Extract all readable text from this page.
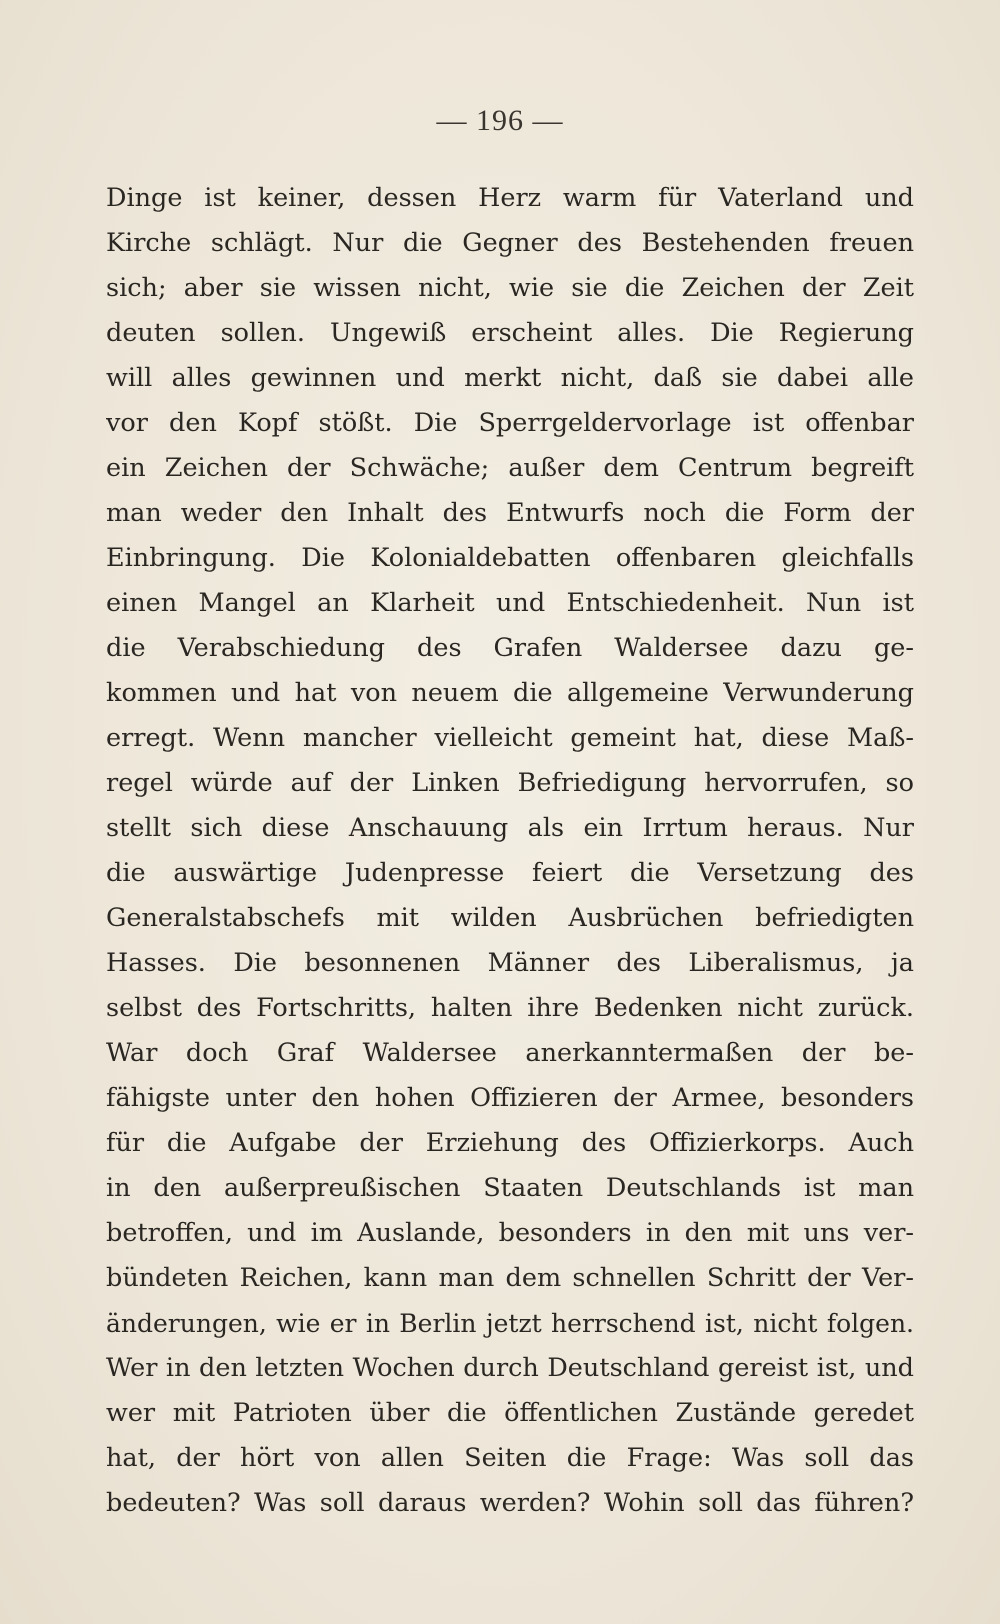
— 196 —
Dinge ist keiner, dessen Herz warm für Vaterland und
Kirche schlägt. Nur die Gegner des Bestehenden freuen
sich; aber sie wissen nicht, wie sie die Zeichen der Zeit
deuten sollen. Ungewiß erscheint alles. Die Regierung
will alles gewinnen und merkt nicht, daß sie dabei alle
vor den Kopf stößt. Die Sperrgeldervorlage ist offenbar
ein Zeichen der Schwäche; außer dem Centrum begreift
man weder den Inhalt des Entwurfs noch die Form der
Einbringung. Die Kolonialdebatten offenbaren gleichfalls
einen Mangel an Klarheit und Entschiedenheit. Nun ist
die Verabschiedung des Grafen Waldersee dazu ge-
kommen und hat von neuem die allgemeine Verwunderung
erregt. Wenn mancher vielleicht gemeint hat, diese Maß-
regel würde auf der Linken Befriedigung hervorrufen, so
stellt sich diese Anschauung als ein Irrtum heraus. Nur
die auswärtige Judenpresse feiert die Versetzung des
Generalstabschefs mit wilden Ausbrüchen befriedigten
Hasses. Die besonnenen Männer des Liberalismus, ja
selbst des Fortschritts, halten ihre Bedenken nicht zurück.
War doch Graf Waldersee anerkanntermaßen der be-
fähigste unter den hohen Offizieren der Armee, besonders
für die Aufgabe der Erziehung des Offizierkorps. Auch
in den außerpreußischen Staaten Deutschlands ist man
betroffen, und im Auslande, besonders in den mit uns ver-
bündeten Reichen, kann man dem schnellen Schritt der Ver-
änderungen, wie er in Berlin jetzt herrschend ist, nicht folgen.
Wer in den letzten Wochen durch Deutschland gereist ist, und
wer mit Patrioten über die öffentlichen Zustände geredet
hat, der hört von allen Seiten die Frage: Was soll das
bedeuten? Was soll daraus werden? Wohin soll das führen?
